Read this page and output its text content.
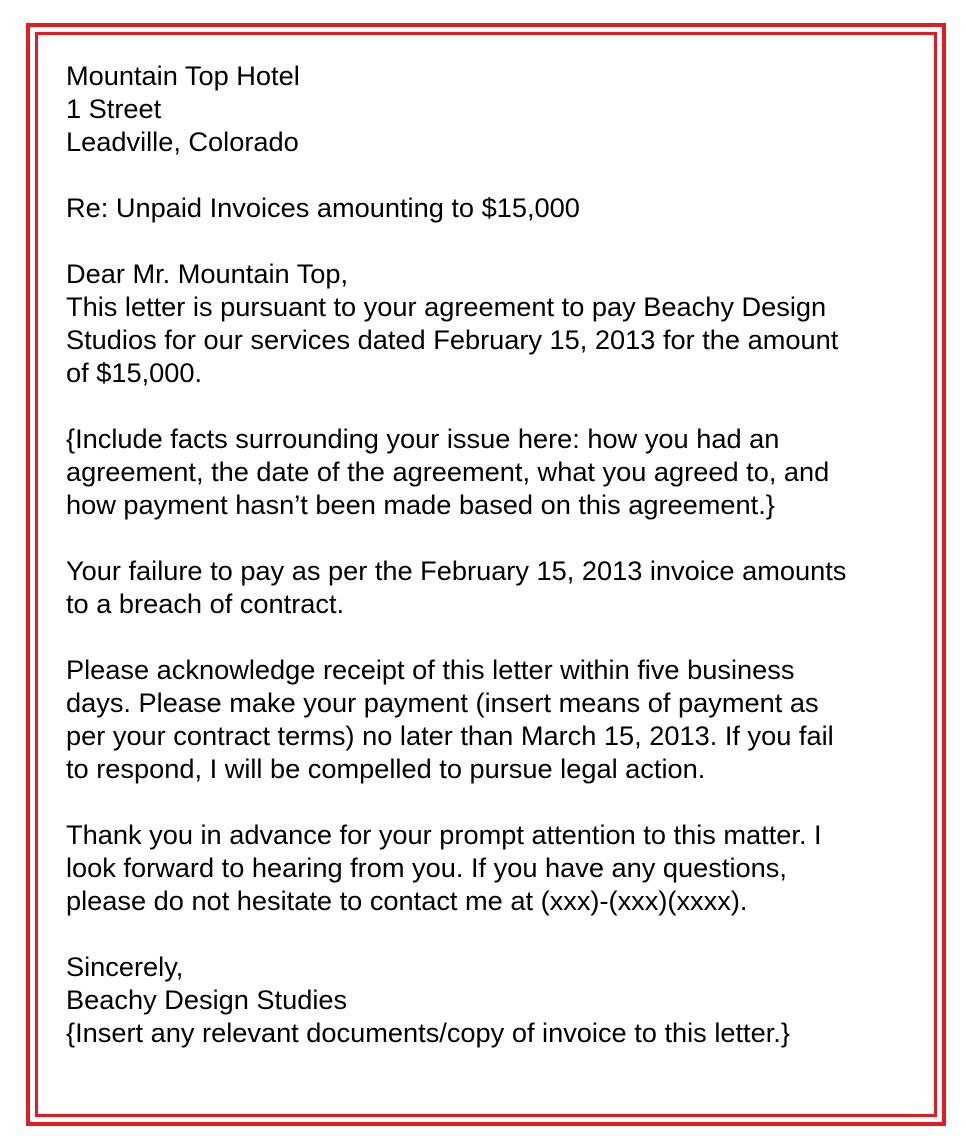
Mountain Top Hotel
1 Street
Leadville, Colorado
Re: Unpaid Invoices amounting to $15,000
Dear Mr. Mountain Top,
This letter is pursuant to your agreement to pay Beachy Design
Studios for our services dated February 15, 2013 for the amount
of $15,000.
{Include facts surrounding your issue here: how you had an
agreement, the date of the agreement, what you agreed to, and
how payment hasn’t been made based on this agreement.}
Your failure to pay as per the February 15, 2013 invoice amounts
to a breach of contract.
Please acknowledge receipt of this letter within five business
days. Please make your payment (insert means of payment as
per your contract terms) no later than March 15, 2013. If you fail
to respond, I will be compelled to pursue legal action.
Thank you in advance for your prompt attention to this matter. I
look forward to hearing from you. If you have any questions,
please do not hesitate to contact me at (xxx)-(xxx)(xxxx).
Sincerely,
Beachy Design Studies
{Insert any relevant documents/copy of invoice to this letter.}
